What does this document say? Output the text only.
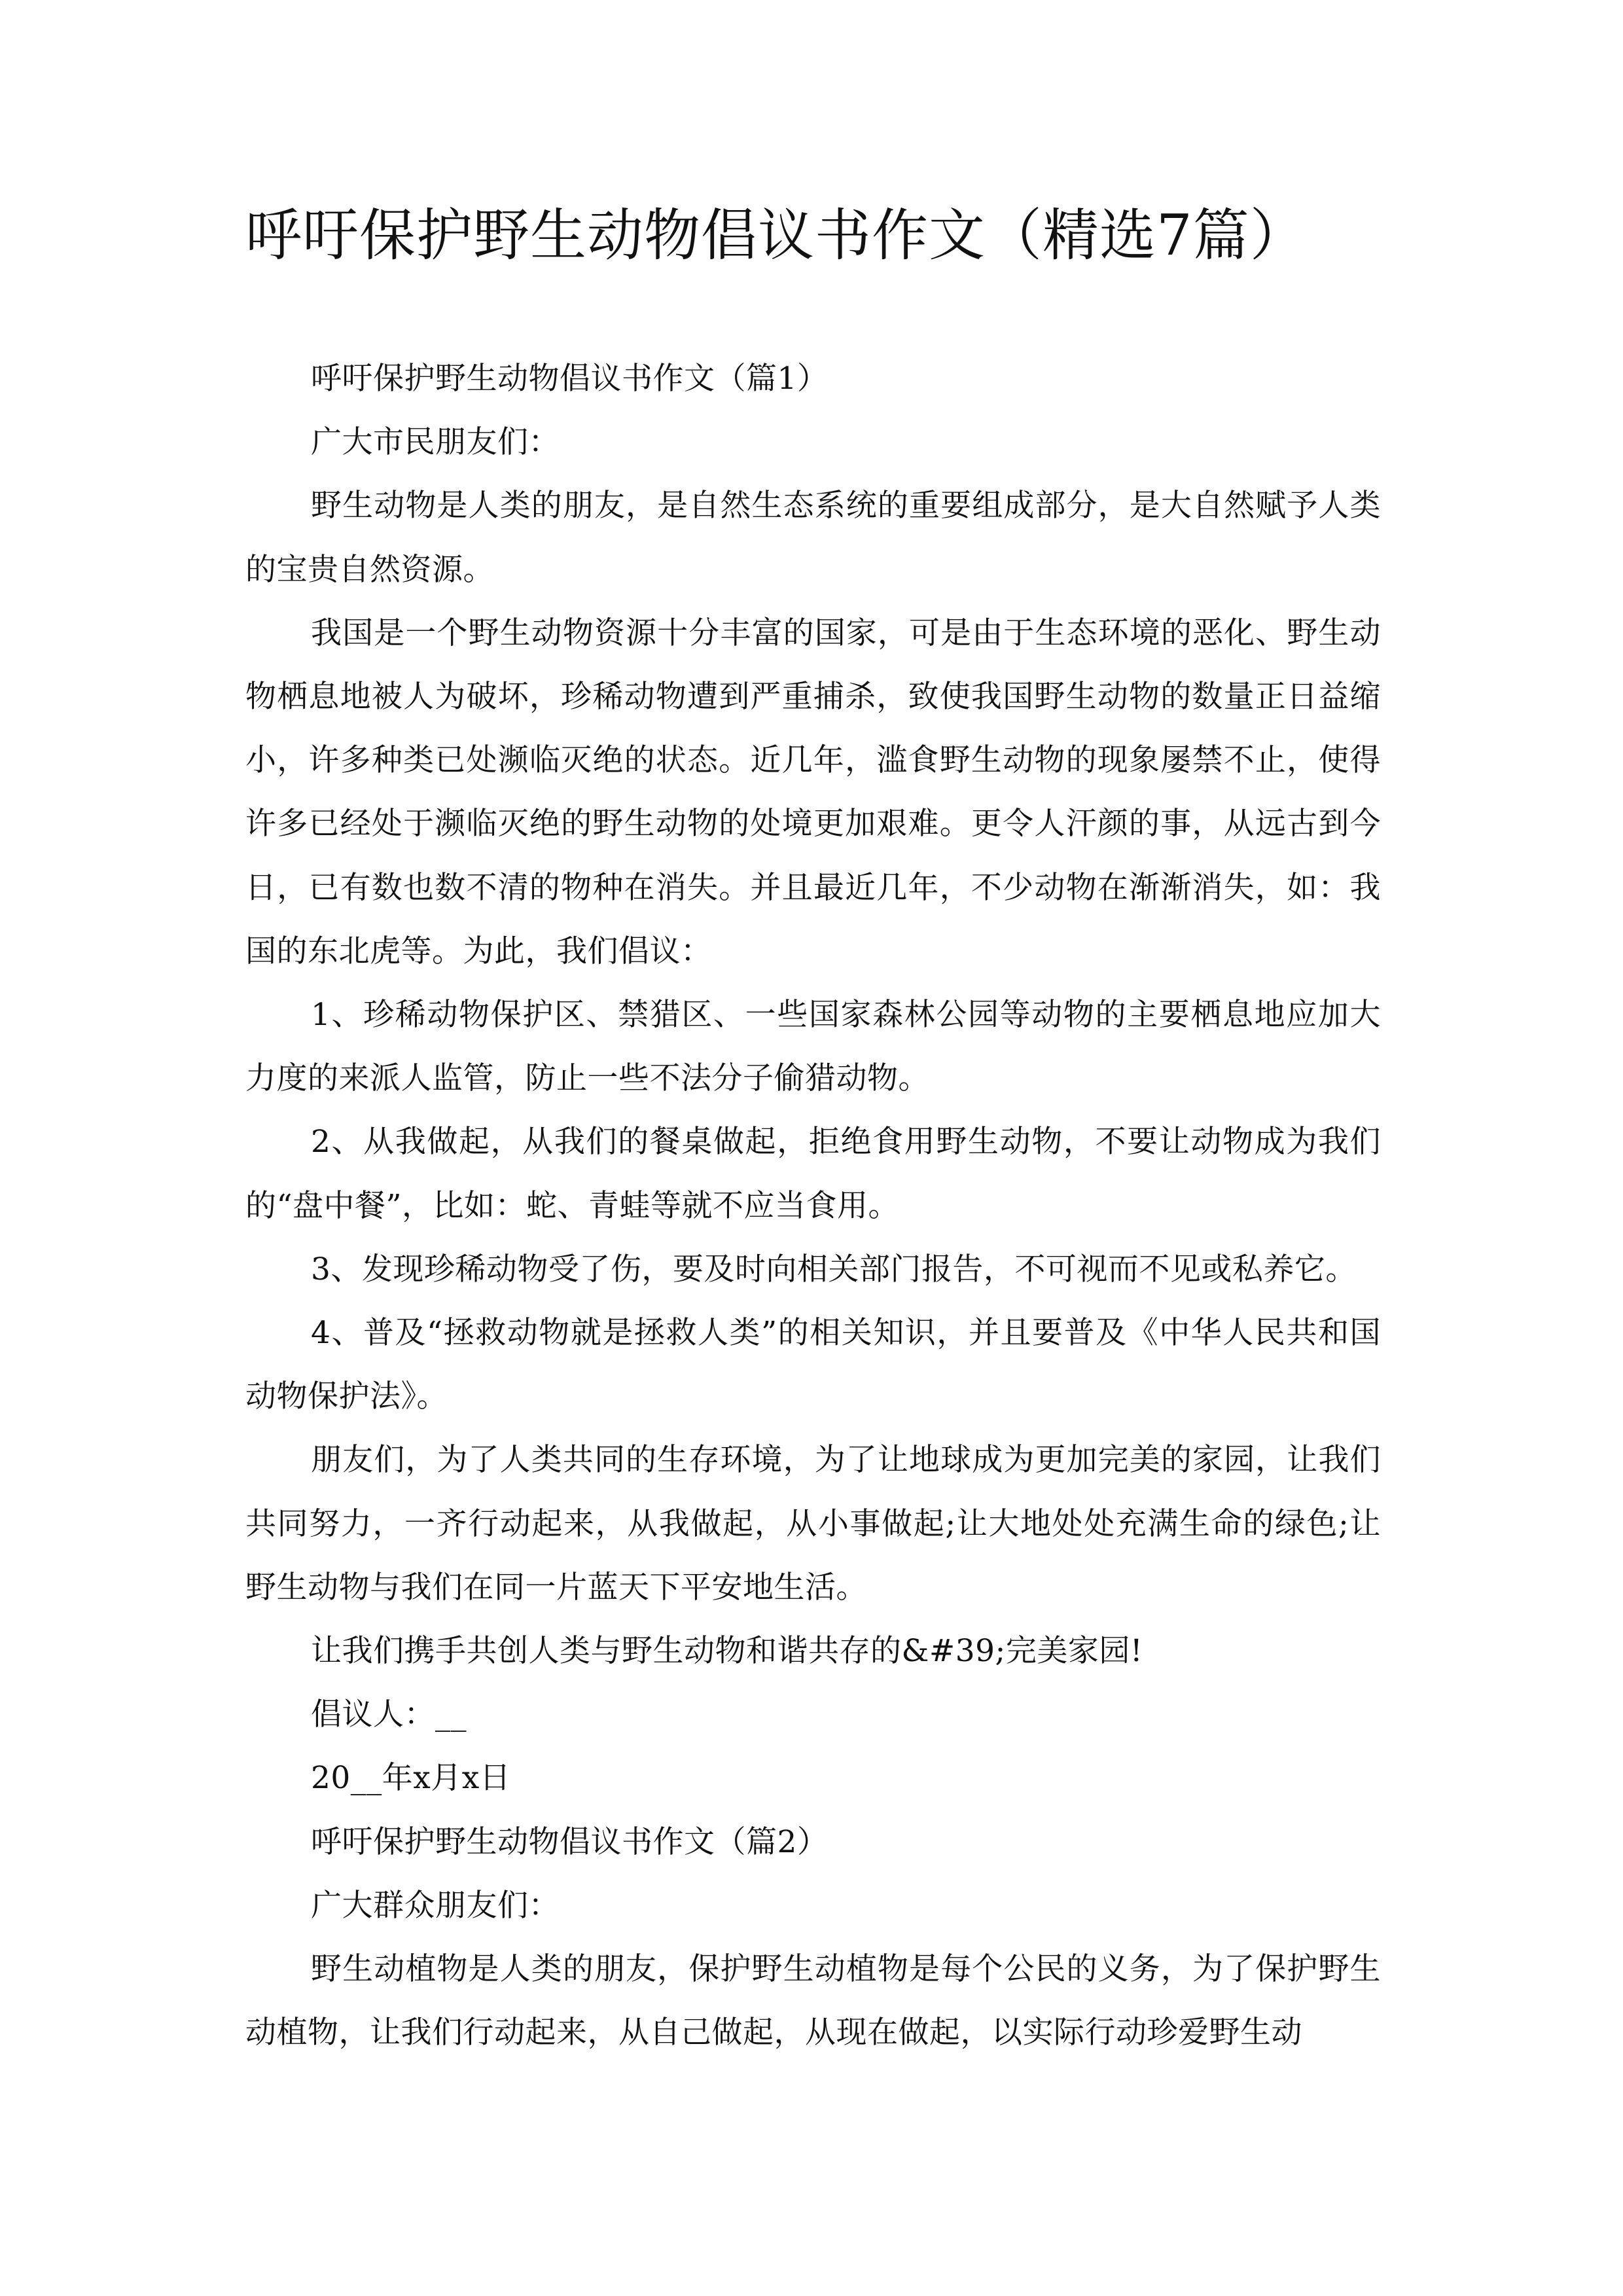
呼吁保护野生动物倡议书作文（精选7篇）

呼吁保护野生动物倡议书作文（篇1）

广大市民朋友们：

野生动物是人类的朋友，是自然生态系统的重要组成部分，是大自然赋予人类的宝贵自然资源。

我国是一个野生动物资源十分丰富的国家，可是由于生态环境的恶化、野生动物栖息地被人为破坏，珍稀动物遭到严重捕杀，致使我国野生动物的数量正日益缩小，许多种类已处濒临灭绝的状态。近几年，滥食野生动物的现象屡禁不止，使得许多已经处于濒临灭绝的野生动物的处境更加艰难。更令人汗颜的事，从远古到今日，已有数也数不清的物种在消失。并且最近几年，不少动物在渐渐消失，如：我国的东北虎等。为此，我们倡议：

1、珍稀动物保护区、禁猎区、一些国家森林公园等动物的主要栖息地应加大力度的来派人监管，防止一些不法分子偷猎动物。

2、从我做起，从我们的餐桌做起，拒绝食用野生动物，不要让动物成为我们的“盘中餐”，比如：蛇、青蛙等就不应当食用。

3、发现珍稀动物受了伤，要及时向相关部门报告，不可视而不见或私养它。

4、普及“拯救动物就是拯救人类”的相关知识，并且要普及《中华人民共和国动物保护法》。

朋友们，为了人类共同的生存环境，为了让地球成为更加完美的家园，让我们共同努力，一齐行动起来，从我做起，从小事做起;让大地处处充满生命的绿色;让野生动物与我们在同一片蓝天下平安地生活。

让我们携手共创人类与野生动物和谐共存的&#39;完美家园!

倡议人：__

20__年x月x日

呼吁保护野生动物倡议书作文（篇2）

广大群众朋友们：

野生动植物是人类的朋友，保护野生动植物是每个公民的义务，为了保护野生动植物，让我们行动起来，从自己做起，从现在做起，以实际行动珍爱野生动
